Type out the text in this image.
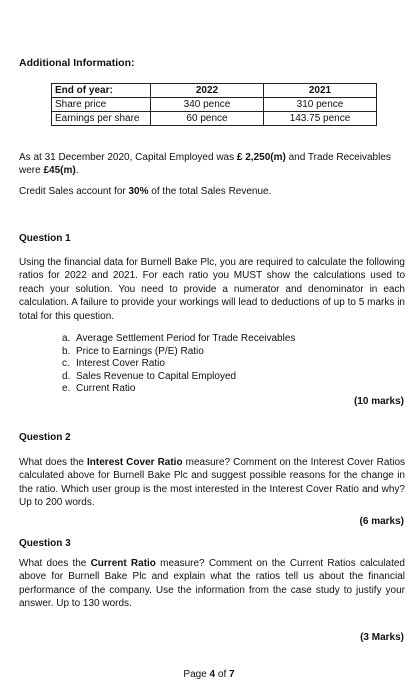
Additional Information:
End of year:	2022	2021
Share price	340 pence	310 pence
Earnings per share	60 pence	143.75 pence
As at 31 December 2020, Capital Employed was £ 2,250(m) and Trade Receivables
were £45(m).
Credit Sales account for 30% of the total Sales Revenue.
Question 1
Using the financial data for Burnell Bake Plc, you are required to calculate the following ratios for 2022 and 2021. For each ratio you MUST show the calculations used to reach your solution. You need to provide a numerator and denominator in each calculation. A failure to provide your workings will lead to deductions of up to 5 marks in total for this question.
a. Average Settlement Period for Trade Receivables
b. Price to Earnings (P/E) Ratio
c. Interest Cover Ratio
d. Sales Revenue to Capital Employed
e. Current Ratio
(10 marks)
Question 2
What does the Interest Cover Ratio measure? Comment on the Interest Cover Ratios calculated above for Burnell Bake Plc and suggest possible reasons for the change in the ratio. Which user group is the most interested in the Interest Cover Ratio and why? Up to 200 words.
(6 marks)
Question 3
What does the Current Ratio measure? Comment on the Current Ratios calculated above for Burnell Bake Plc and explain what the ratios tell us about the financial performance of the company. Use the information from the case study to justify your answer. Up to 130 words.
(3 Marks)
Page 4 of 7
